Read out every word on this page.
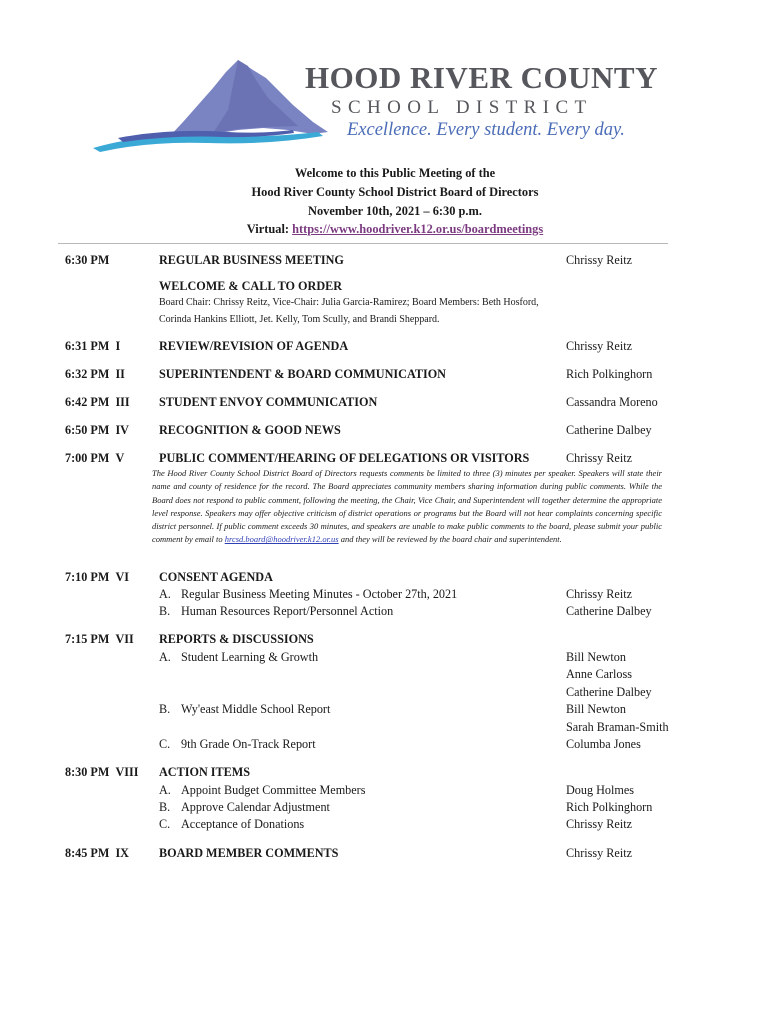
HOOD RIVER COUNTY
SCHOOL DISTRICT
Excellence. Every student. Every day.
Welcome to this Public Meeting of the
Hood River County School District Board of Directors
November 10th, 2021 – 6:30 p.m.
Virtual: https://www.hoodriver.k12.or.us/boardmeetings
6:30 PM	REGULAR BUSINESS MEETING	Chrissy Reitz
WELCOME & CALL TO ORDER
Board Chair: Chrissy Reitz, Vice-Chair: Julia Garcia-Ramirez; Board Members: Beth Hosford,
Corinda Hankins Elliott, Jet. Kelly, Tom Scully, and Brandi Sheppard.
6:31 PM I	REVIEW/REVISION OF AGENDA	Chrissy Reitz
6:32 PM II	SUPERINTENDENT & BOARD COMMUNICATION	Rich Polkinghorn
6:42 PM III STUDENT ENVOY COMMUNICATION	Cassandra Moreno
6:50 PM IV RECOGNITION & GOOD NEWS	Catherine Dalbey
7:00 PM V	PUBLIC COMMENT/HEARING OF DELEGATIONS OR VISITORS	Chrissy Reitz
The Hood River County School District Board of Directors requests comments be limited to three (3) minutes per speaker. Speakers will state their name and county of residence for the record. The Board appreciates community members sharing information during public comments. While the Board does not respond to public comment, following the meeting, the Chair, Vice Chair, and Superintendent will together determine the appropriate level response. Speakers may offer objective criticism of district operations or programs but the Board will not hear complaints concerning specific district personnel. If public comment exceeds 30 minutes, and speakers are unable to make public comments to the board, please submit your public comment by email to hrcsd.board@hoodriver.k12.or.us and they will be reviewed by the board chair and superintendent.
7:10 PM VI CONSENT AGENDA
A. Regular Business Meeting Minutes - October 27th, 2021	Chrissy Reitz
B. Human Resources Report/Personnel Action	Catherine Dalbey
7:15 PM VII REPORTS & DISCUSSIONS
A. Student Learning & Growth	Bill Newton
Anne Carloss
Catherine Dalbey
B. Wy'east Middle School Report	Bill Newton
Sarah Braman-Smith
C. 9th Grade On-Track Report	Columba Jones
8:30 PM VIII ACTION ITEMS
A. Appoint Budget Committee Members	Doug Holmes
B. Approve Calendar Adjustment	Rich Polkinghorn
C. Acceptance of Donations	Chrissy Reitz
8:45 PM IX BOARD MEMBER COMMENTS	Chrissy Reitz
